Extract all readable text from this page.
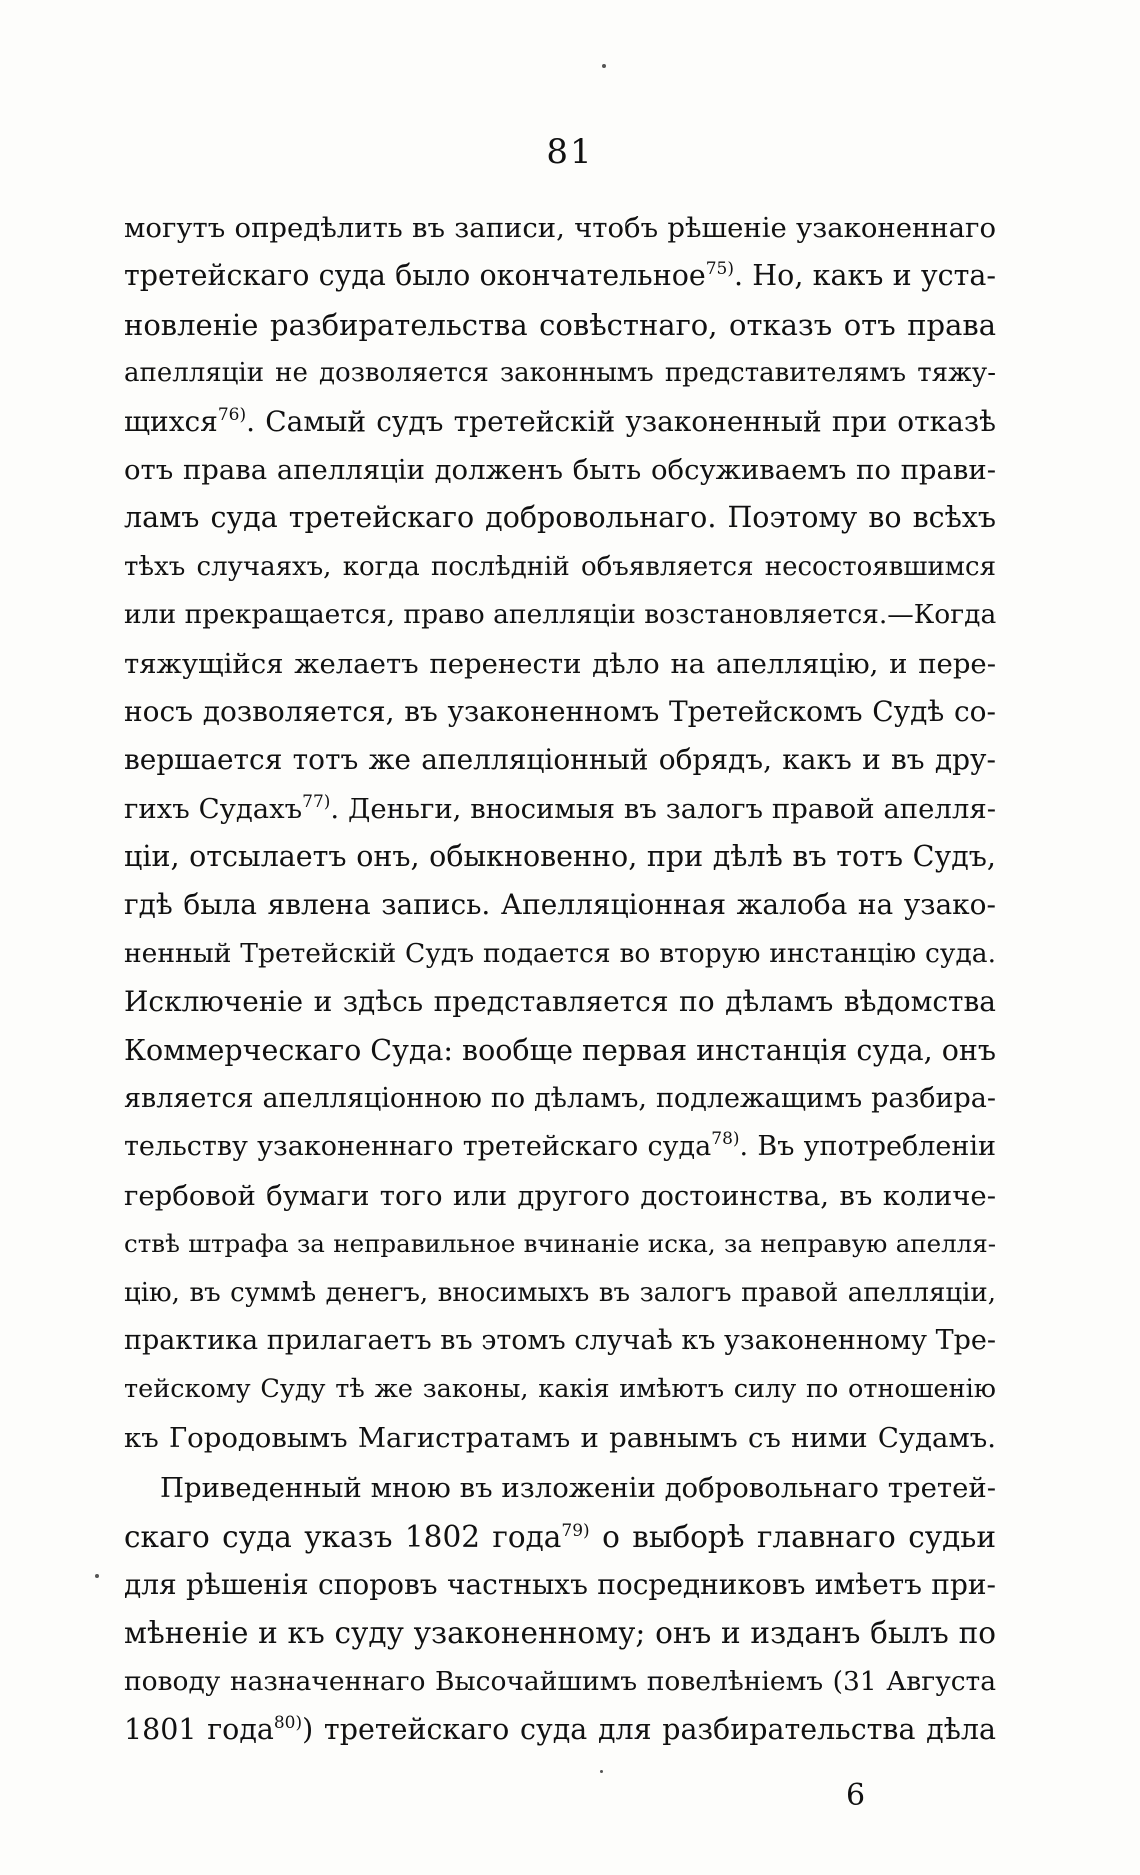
81
могутъ опредѣлить въ записи, чтобъ рѣшеніе узаконеннаго
третейскаго суда было окончательное$^{75)}$. Но, какъ и уста-
новленіе разбирательства совѣстнаго, отказъ отъ права
апелляціи не дозволяется законнымъ представителямъ тяжу-
щихся$^{76)}$. Самый судъ третейскій узаконенный при отказѣ
отъ права апелляціи долженъ быть обсуживаемъ по прави-
ламъ суда третейскаго добровольнаго. Поэтому во всѣхъ
тѣхъ случаяхъ, когда послѣдній объявляется несостоявшимся
или прекращается, право апелляціи возстановляется.—Когда
тяжущійся желаетъ перенести дѣло на апелляцію, и пере-
носъ дозволяется, въ узаконенномъ Третейскомъ Судѣ со-
вершается тотъ же апелляціонный обрядъ, какъ и въ дру-
гихъ Судахъ$^{77)}$. Деньги, вносимыя въ залогъ правой апелля-
ціи, отсылаетъ онъ, обыкновенно, при дѣлѣ въ тотъ Судъ,
гдѣ была явлена запись. Апелляціонная жалоба на узако-
ненный Третейскій Судъ подается во вторую инстанцію суда.
Исключеніе и здѣсь представляется по дѣламъ вѣдомства
Коммерческаго Суда: вообще первая инстанція суда, онъ
является апелляціонною по дѣламъ, подлежащимъ разбира-
тельству узаконеннаго третейскаго суда$^{78)}$. Въ употребленіи
гербовой бумаги того или другого достоинства, въ количе-
ствѣ штрафа за неправильное вчинаніе иска, за неправую апелля-
цію, въ суммѣ денегъ, вносимыхъ въ залогъ правой апелляціи,
практика прилагаетъ въ этомъ случаѣ къ узаконенному Тре-
тейскому Суду тѣ же законы, какія имѣютъ силу по отношенію
къ Городовымъ Магистратамъ и равнымъ съ ними Судамъ.
Приведенный мною въ изложеніи добровольнаго третей-
скаго суда указъ 1802 года$^{79)}$ о выборѣ главнаго судьи
для рѣшенія споровъ частныхъ посредниковъ имѣетъ при-
мѣненіе и къ суду узаконенному; онъ и изданъ былъ по
поводу назначеннаго Высочайшимъ повелѣніемъ (31 Августа
1801 года$^{80)}$) третейскаго суда для разбирательства дѣла
6
